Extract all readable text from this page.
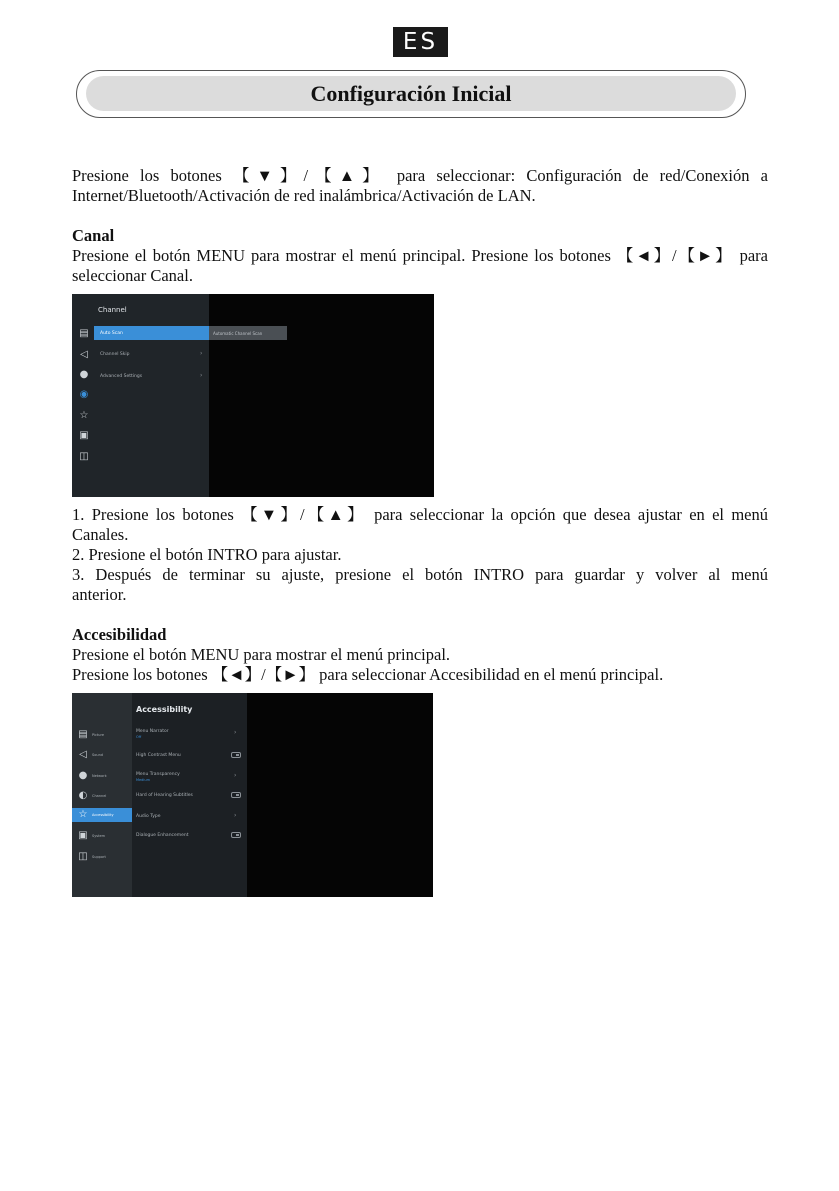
ES
Configuración Inicial
Presione los botones 【▼】/【▲】 para seleccionar: Configuración de red/Conexión a
Internet/Bluetooth/Activación de red inalámbrica/Activación de LAN.
Canal
Presione el botón MENU para mostrar el menú principal. Presione los botones 【◄】/【►】 para
seleccionar Canal.
Channel
Auto Scan
Channel Skip	›
Advanced Settings	›
Automatic Channel Scan
▤
◁
●
◉
☆
▣
◫
1. Presione los botones 【▼】/【▲】 para seleccionar la opción que desea ajustar en el menú
Canales.
2. Presione el botón INTRO para ajustar.
3. Después de terminar su ajuste, presione el botón INTRO para guardar y volver al menú
anterior.
Accesibilidad
Presione el botón MENU para mostrar el menú principal.
Presione los botones 【◄】/【►】 para seleccionar Accesibilidad en el menú principal.
Accessibility
▤ Picture
◁	Sound
● Network
◐ Channel
☆ Accessibility
▣ System
◫ Support
Menu Narrator
Off
›
High Contrast Menu
Menu Transparency
Medium
›
Hard of Hearing Subtitles
Audio Type	›
Dialogue Enhancement
